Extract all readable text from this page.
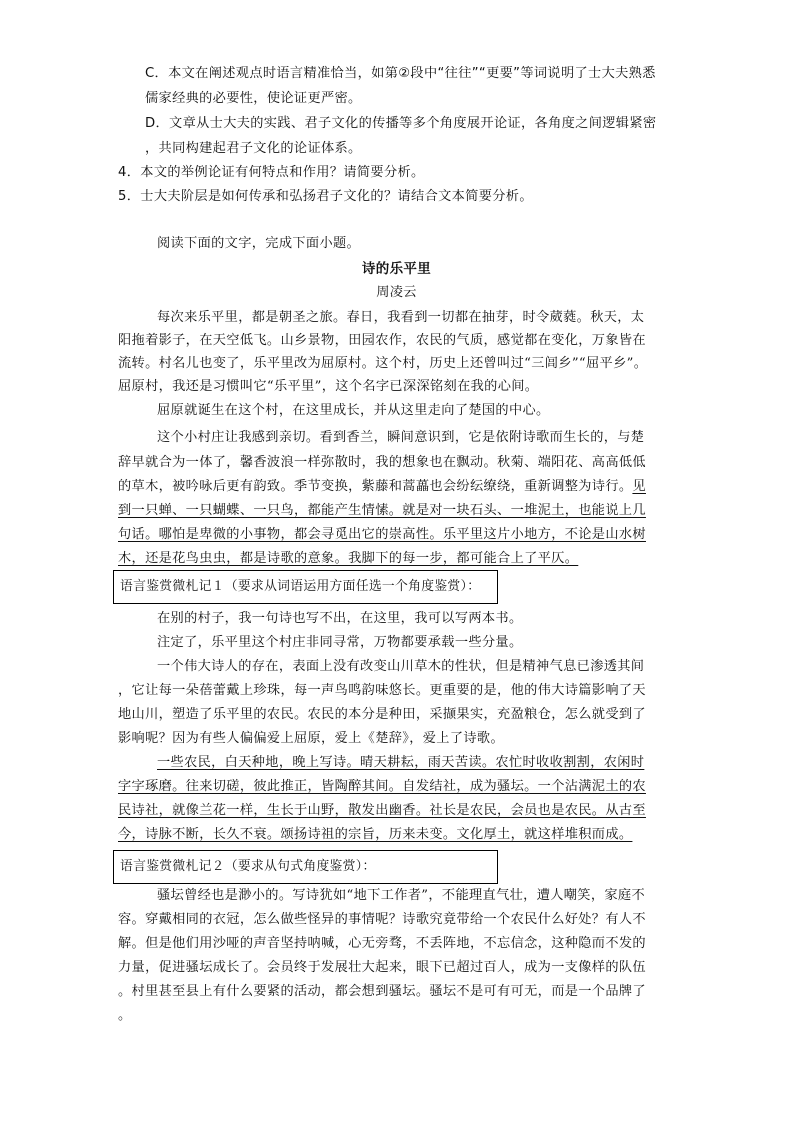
C．本文在阐述观点时语言精准恰当，如第②段中“往往”“更要”等词说明了士大夫熟悉
儒家经典的必要性，使论证更严密。
D．文章从士大夫的实践、君子文化的传播等多个角度展开论证，各角度之间逻辑紧密
，共同构建起君子文化的论证体系。
4．本文的举例论证有何特点和作用？请简要分析。
5．士大夫阶层是如何传承和弘扬君子文化的？请结合文本简要分析。
阅读下面的文字，完成下面小题。
诗的乐平里
周凌云
每次来乐平里，都是朝圣之旅。春日，我看到一切都在抽芽，时令葳蕤。秋天，太
阳拖着影子，在天空低飞。山乡景物，田园农作，农民的气质，感觉都在变化，万象皆在
流转。村名儿也变了，乐平里改为屈原村。这个村，历史上还曾叫过“三闾乡”“屈平乡”。
屈原村，我还是习惯叫它“乐平里”，这个名字已深深铭刻在我的心间。
屈原就诞生在这个村，在这里成长，并从这里走向了楚国的中心。
这个小村庄让我感到亲切。看到香兰，瞬间意识到，它是依附诗歌而生长的，与楚
辞早就合为一体了，馨香波浪一样弥散时，我的想象也在飘动。秋菊、端阳花、高高低低
的草木，被吟咏后更有韵致。季节变换，紫藤和蒿藟也会纷纭缭绕，重新调整为诗行。见
到一只蝉、一只蝴蝶、一只鸟，都能产生情愫。就是对一块石头、一堆泥土，也能说上几
句话。哪怕是卑微的小事物，都会寻觅出它的崇高性。乐平里这片小地方，不论是山水树
木，还是花鸟虫虫，都是诗歌的意象。我脚下的每一步，都可能合上了平仄。
语言鉴赏微札记１（要求从词语运用方面任选一个角度鉴赏）：
在别的村子，我一句诗也写不出，在这里，我可以写两本书。
注定了，乐平里这个村庄非同寻常，万物都要承载一些分量。
一个伟大诗人的存在，表面上没有改变山川草木的性状，但是精神气息已渗透其间
，它让每一朵蓓蕾戴上珍珠，每一声鸟鸣韵味悠长。更重要的是，他的伟大诗篇影响了天
地山川，塑造了乐平里的农民。农民的本分是种田，采撷果实，充盈粮仓，怎么就受到了
影响呢？因为有些人偏偏爱上屈原，爱上《楚辞》，爱上了诗歌。
一些农民，白天种地，晚上写诗。晴天耕耘，雨天苦读。农忙时收收割割，农闲时
字字琢磨。往来切磋，彼此推正，皆陶醉其间。自发结社，成为骚坛。一个沾满泥土的农
民诗社，就像兰花一样，生长于山野，散发出幽香。社长是农民，会员也是农民。从古至
今，诗脉不断，长久不衰。颂扬诗祖的宗旨，历来未变。文化厚土，就这样堆积而成。
语言鉴赏微札记２（要求从句式角度鉴赏）：
骚坛曾经也是渺小的。写诗犹如“地下工作者”，不能理直气壮，遭人嘲笑，家庭不
容。穿戴相同的衣冠，怎么做些怪异的事情呢？诗歌究竟带给一个农民什么好处？有人不
解。但是他们用沙哑的声音坚持呐喊，心无旁骛，不丢阵地，不忘信念，这种隐而不发的
力量，促进骚坛成长了。会员终于发展壮大起来，眼下已超过百人，成为一支像样的队伍
。村里甚至县上有什么要紧的活动，都会想到骚坛。骚坛不是可有可无，而是一个品牌了
。
